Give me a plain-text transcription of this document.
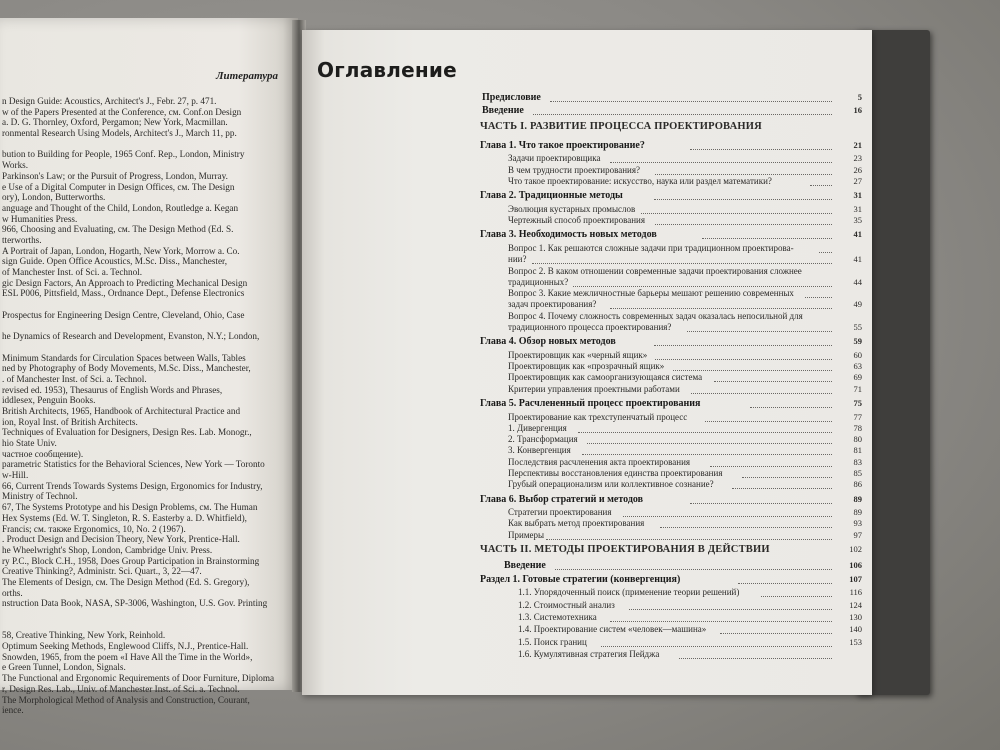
Литература
n Design Guide: Acoustics, Architect's J., Febr. 27, p. 471.
w of the Papers Presented at the Conference, см. Conf.on Design
a. D. G. Thornley, Oxford, Pergamon; New York, Macmillan.
ronmental Research Using Models, Architect's J., March 11, pp.
bution to Building for People, 1965 Conf. Rep., London, Ministry
Works.
Parkinson's Law; or the Pursuit of Progress, London, Murray.
e Use of a Digital Computer in Design Offices, см. The Design
ory), London, Butterworths.
anguage and Thought of the Child, London, Routledge a. Kegan
w Humanities Press.
966, Choosing and Evaluating, см. The Design Method (Ed. S.
tterworths.
A Portrait of Japan, London, Hogarth, New York, Morrow a. Co.
sign Guide. Open Office Acoustics, M.Sc. Diss., Manchester,
of Manchester Inst. of Sci. a. Technol.
gic Design Factors, An Approach to Predicting Mechanical Design
ESL P006, Pittsfield, Mass., Ordnance Dept., Defense Electronics
Prospectus for Engineering Design Centre, Cleveland, Ohio, Case
he Dynamics of Research and Development, Evanston, N.Y.; London,
Minimum Standards for Circulation Spaces between Walls, Tables
ned by Photography of Body Movements, M.Sc. Diss., Manchester,
. of Manchester Inst. of Sci. a. Technol.
revised ed. 1953), Thesaurus of English Words and Phrases,
iddlesex, Penguin Books.
British Architects, 1965, Handbook of Architectural Practice and
ion, Royal Inst. of British Architects.
Techniques of Evaluation for Designers, Design Res. Lab. Monogr.,
hio State Univ.
частное сообщение).
parametric Statistics for the Behavioral Sciences, New York — Toronto
w-Hill.
66, Current Trends Towards Systems Design, Ergonomics for Industry,
Ministry of Technol.
67, The Systems Prototype and his Design Problems, см. The Human
Hex Systems (Ed. W. T. Singleton, R. S. Easterby a. D. Whitfield),
Francis; см. также Ergonomics, 10, No. 2 (1967).
. Product Design and Decision Theory, New York, Prentice-Hall.
he Wheelwright's Shop, London, Cambridge Univ. Press.
ry P.C., Block C.H., 1958, Does Group Participation in Brainstorming
Creative Thinking?, Administr. Sci. Quart., 3, 22—47.
The Elements of Design, см. The Design Method (Ed. S. Gregory),
orths.
nstruction Data Book, NASA, SP-3006, Washington, U.S. Gov. Printing
58, Creative Thinking, New York, Reinhold.
Optimum Seeking Methods, Englewood Cliffs, N.J., Prentice-Hall.
Snowden, 1965, from the poem «I Have All the Time in the World»,
e Green Tunnel, London, Signals.
The Functional and Ergonomic Requirements of Door Furniture, Diploma
r, Design Res. Lab., Univ. of Manchester Inst. of Sci. a. Technol.
The Morphological Method of Analysis and Construction, Courant,
ience.
Оглавление
Предисловие	5
Введение	16
ЧАСТЬ I. РАЗВИТИЕ ПРОЦЕССА ПРОЕКТИРОВАНИЯ
Глава 1. Что такое проектирование?	21
Задачи проектировщика	23
В чем трудности проектирования?	26
Что такое проектирование: искусство, наука или раздел математики?	27
Глава 2. Традиционные методы	31
Эволюция кустарных промыслов	31
Чертежный способ проектирования	35
Глава 3. Необходимость новых методов	41
Вопрос 1. Как решаются сложные задачи при традиционном проектирова-
нии?	41
Вопрос 2. В каком отношении современные задачи проектирования сложнее
традиционных?	44
Вопрос 3. Какие межличностные барьеры мешают решению современных
задач проектирования?	49
Вопрос 4. Почему сложность современных задач оказалась непосильной для
традиционного процесса проектирования?	55
Глава 4. Обзор новых методов	59
Проектировщик как «черный ящик»	60
Проектировщик как «прозрачный ящик»	63
Проектировщик как самоорганизующаяся система	69
Критерии управления проектными работами	71
Глава 5. Расчлененный процесс проектирования	75
Проектирование как трехступенчатый процесс	77
1. Дивергенция	78
2. Трансформация	80
3. Конвергенция	81
Последствия расчленения акта проектирования	83
Перспективы восстановления единства проектирования	85
Грубый операционализм или коллективное сознание?	86
Глава 6. Выбор стратегий и методов	89
Стратегии проектирования	89
Как выбрать метод проектирования	93
Примеры	97
ЧАСТЬ II. МЕТОДЫ ПРОЕКТИРОВАНИЯ В ДЕЙСТВИИ	102
Введение	106
Раздел 1. Готовые стратегии (конвергенция)	107
1.1. Упорядоченный поиск (применение теории решений)	116
1.2. Стоимостный анализ	124
1.3. Системотехника	130
1.4. Проектирование систем «человек—машина»	140
1.5. Поиск границ	153
1.6. Кумулятивная стратегия Пейджа
